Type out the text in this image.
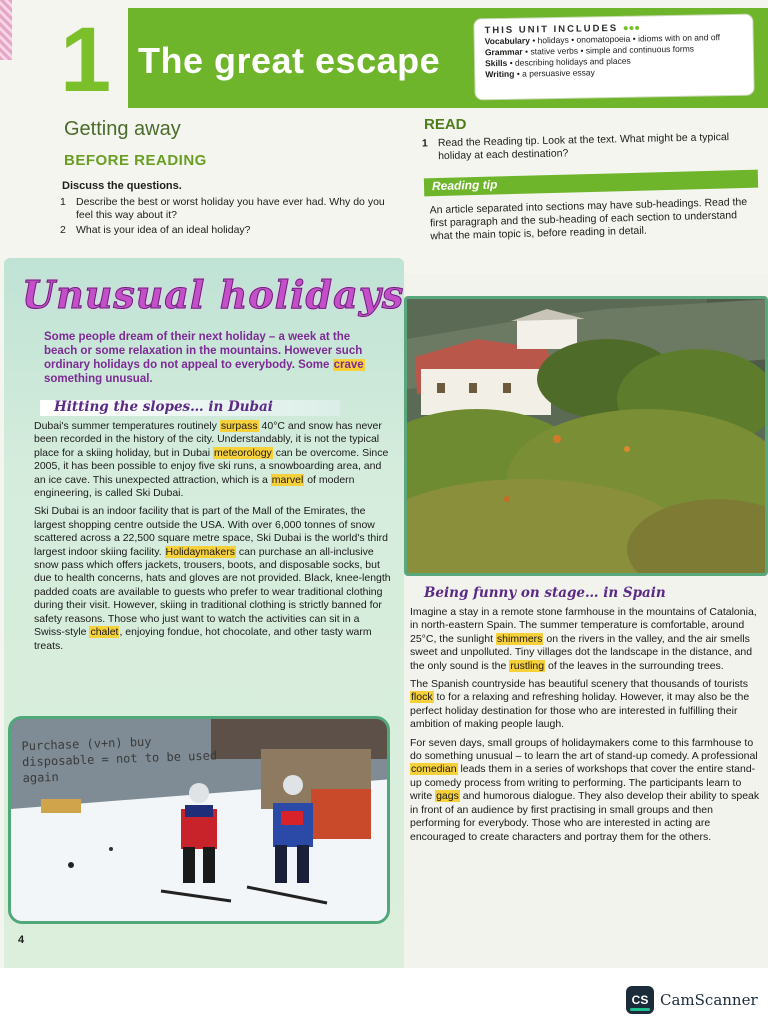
1 The great escape
THIS UNIT INCLUDES ●●●
Vocabulary • holidays • onomatopoeia • idioms with on and off
Grammar • stative verbs • simple and continuous forms
Skills • describing holidays and places
Writing • a persuasive essay
Getting away
BEFORE READING
Discuss the questions.
1 Describe the best or worst holiday you have ever had. Why do you feel this way about it?
2 What is your idea of an ideal holiday?
READ
1 Read the Reading tip. Look at the text. What might be a typical holiday at each destination?
Reading tip
An article separated into sections may have sub-headings. Read the first paragraph and the sub-heading of each section to understand what the main topic is, before reading in detail.
Unusual holidays
Some people dream of their next holiday – a week at the beach or some relaxation in the mountains. However such ordinary holidays do not appeal to everybody. Some crave something unusual.
Hitting the slopes… in Dubai

Dubai's summer temperatures routinely surpass 40°C and snow has never been recorded in the history of the city. Understandably, it is not the typical place for a skiing holiday, but in Dubai meteorology can be overcome. Since 2005, it has been possible to enjoy five ski runs, a snowboarding area, and an ice cave. This unexpected attraction, which is a marvel of modern engineering, is called Ski Dubai.

Ski Dubai is an indoor facility that is part of the Mall of the Emirates, the largest shopping centre outside the USA. With over 6,000 tonnes of snow scattered across a 22,500 square metre space, Ski Dubai is the world's third largest indoor skiing facility. Holidaymakers can purchase an all-inclusive snow pass which offers jackets, trousers, boots, and disposable socks, but due to health concerns, hats and gloves are not provided. Black, knee-length padded coats are available to guests who prefer to wear traditional clothing during their visit. However, skiing in traditional clothing is strictly banned for safety reasons. Those who just want to watch the activities can sit in a Swiss-style chalet, enjoying fondue, hot chocolate, and other tasty warm treats.

Being funny on stage… in Spain

Imagine a stay in a remote stone farmhouse in the mountains of Catalonia, in north-eastern Spain. The summer temperature is comfortable, around 25°C, the sunlight shimmers on the rivers in the valley, and the air smells sweet and unpolluted. Tiny villages dot the landscape in the distance, and the only sound is the rustling of the leaves in the surrounding trees.

The Spanish countryside has beautiful scenery that thousands of tourists flock to for a relaxing and refreshing holiday. However, it may also be the perfect holiday destination for those who are interested in fulfilling their ambition of making people laugh.

For seven days, small groups of holidaymakers come to this farmhouse to do something unusual – to learn the art of stand-up comedy. A professional comedian leads them in a series of workshops that cover the entire stand-up comedy process from writing to performing. The participants learn to write gags and humorous dialogue. They also develop their ability to speak in front of an audience by first practising in small groups and then performing for everybody. Those who are interested in acting are encouraged to create characters and portray them for the others.

Purchase (v+n) buy
disposable = not to be used
again
4
CS CamScanner
